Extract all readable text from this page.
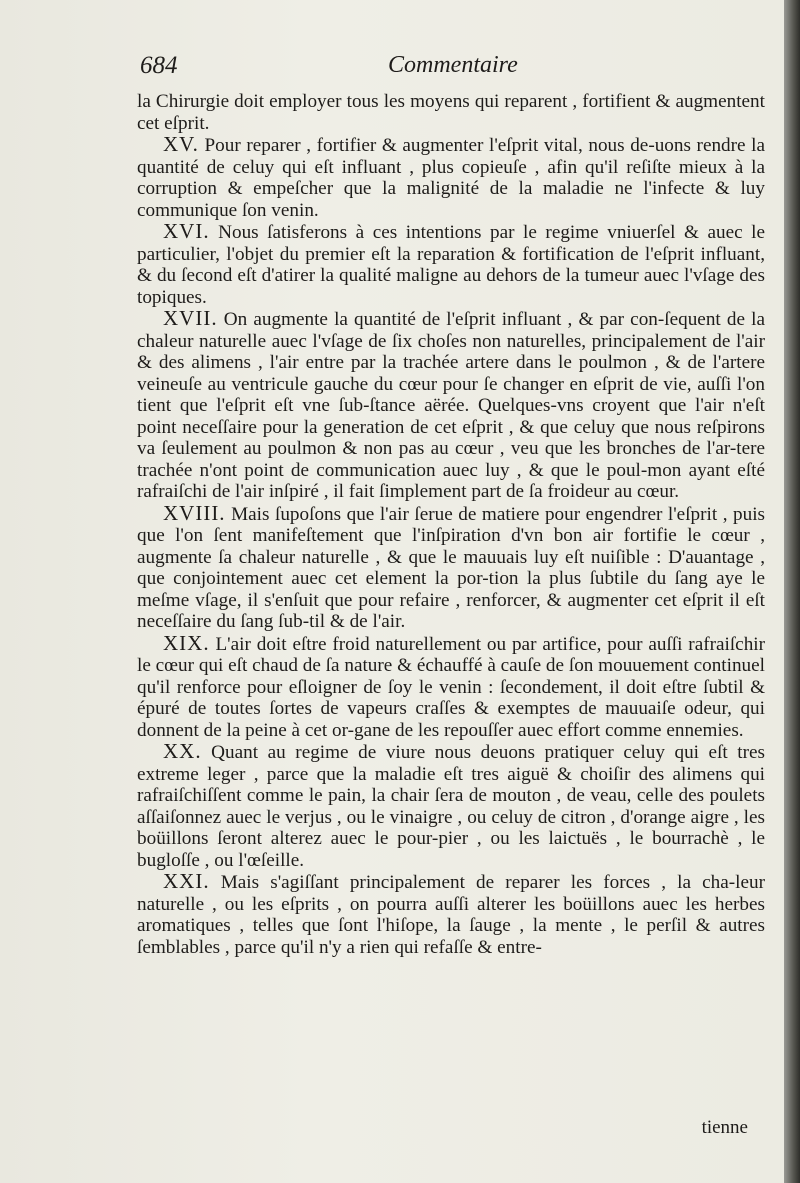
684	Commentaire

la Chirurgie doit employer tous les moyens qui reparent , fortifient & augmentent cet eſprit.

XV. Pour reparer , fortifier & augmenter l'eſprit vital, nous de-uons rendre la quantité de celuy qui eſt influant , plus copieuſe , afin qu'il reſiſte mieux à la corruption & empeſcher que la malignité de la maladie ne l'infecte & luy communique ſon venin.

XVI. Nous ſatisferons à ces intentions par le regime vniuerſel & auec le particulier, l'objet du premier eſt la reparation & fortification de l'eſprit influant, & du ſecond eſt d'atirer la qualité maligne au dehors de la tumeur auec l'vſage des topiques.

XVII. On augmente la quantité de l'eſprit influant , & par con-ſequent de la chaleur naturelle auec l'vſage de ſix choſes non naturelles, principalement de l'air & des alimens , l'air entre par la trachée artere dans le poulmon , & de l'artere veineuſe au ventricule gauche du cœur pour ſe changer en eſprit de vie, auſſi l'on tient que l'eſprit eſt vne ſub-ſtance aërée. Quelques-vns croyent que l'air n'eſt point neceſſaire pour la generation de cet eſprit , & que celuy que nous reſpirons va ſeulement au poulmon & non pas au cœur , veu que les bronches de l'ar-tere trachée n'ont point de communication auec luy , & que le poul-mon ayant eſté rafraiſchi de l'air inſpiré , il fait ſimplement part de ſa froideur au cœur.

XVIII. Mais ſupoſons que l'air ſerue de matiere pour engendrer l'eſprit , puis que l'on ſent manifeſtement que l'inſpiration d'vn bon air fortifie le cœur , augmente ſa chaleur naturelle , & que le mauuais luy eſt nuiſible : D'auantage , que conjointement auec cet element la por-tion la plus ſubtile du ſang aye le meſme vſage, il s'enſuit que pour refaire , renforcer, & augmenter cet eſprit il eſt neceſſaire du ſang ſub-til & de l'air.

XIX. L'air doit eſtre froid naturellement ou par artifice, pour auſſi rafraiſchir le cœur qui eſt chaud de ſa nature & échauffé à cauſe de ſon mouuement continuel qu'il renforce pour eſloigner de ſoy le venin : ſecondement, il doit eſtre ſubtil & épuré de toutes ſortes de vapeurs craſſes & exemptes de mauuaiſe odeur, qui donnent de la peine à cet or-gane de les repouſſer auec effort comme ennemies.

XX. Quant au regime de viure nous deuons pratiquer celuy qui eſt tres extreme leger , parce que la maladie eſt tres aiguë & choiſir des alimens qui rafraiſchiſſent comme le pain, la chair ſera de mouton , de veau, celle des poulets aſſaiſonnez auec le verjus , ou le vinaigre , ou celuy de citron , d'orange aigre , les boüillons ſeront alterez auec le pour-pier , ou les laictuës , le bourrachè , le bugloſſe , ou l'œſeille.

XXI. Mais s'agiſſant principalement de reparer les forces , la cha-leur naturelle , ou les eſprits , on pourra auſſi alterer les boüillons auec les herbes aromatiques , telles que ſont l'hiſope, la ſauge , la mente , le perſil & autres ſemblables , parce qu'il n'y a rien qui refaſſe & entre-

tienne
